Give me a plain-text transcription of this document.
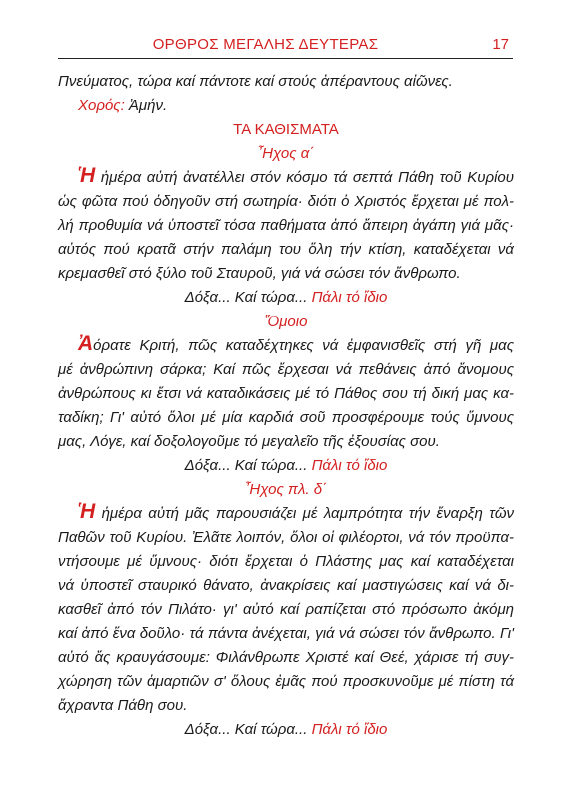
ΟΡΘΡΟΣ ΜΕΓΑΛΗΣ ΔΕΥΤΕΡΑΣ	17
Πνεύματος, τώρα καί πάντοτε καί στούς ἀπέραντους αἰῶνες.
Χορός: Ἀμήν.
ΤΑ ΚΑΘΙΣΜΑΤΑ
Ἦχος α΄
Ἡ ἡμέρα αὐτή ἀνατέλλει στόν κόσμο τά σεπτά Πάθη τοῦ Κυρίου
ὡς φῶτα πού ὁδηγοῦν στή σωτηρία· διότι ὁ Χριστός ἔρχεται μέ πολ-
λή προθυμία νά ὑποστεῖ τόσα παθήματα ἀπό ἄπειρη ἀγάπη γιά μᾶς·
αὐτός πού κρατᾶ στήν παλάμη του ὅλη τήν κτίση, καταδέχεται νά
κρεμασθεῖ στό ξύλο τοῦ Σταυροῦ, γιά νά σώσει τόν ἄνθρωπο.
Δόξα... Καί τώρα... Πάλι τό ἴδιο
Ὅμοιο
Ἀόρατε Κριτή, πῶς καταδέχτηκες νά ἐμφανισθεῖς στή γῆ μας
μέ ἀνθρώπινη σάρκα; Καί πῶς ἔρχεσαι νά πεθάνεις ἀπό ἄνομους
ἀνθρώπους κι ἔτσι νά καταδικάσεις μέ τό Πάθος σου τή δική μας κα-
ταδίκη; Γι' αὐτό ὅλοι μέ μία καρδιά σοῦ προσφέρουμε τούς ὕμνους
μας, Λόγε, καί δοξολογοῦμε τό μεγαλεῖο τῆς ἐξουσίας σου.
Δόξα... Καί τώρα... Πάλι τό ἴδιο
Ἦχος πλ. δ΄
Ἡ ἡμέρα αὐτή μᾶς παρουσιάζει μέ λαμπρότητα τήν ἔναρξη τῶν
Παθῶν τοῦ Κυρίου. Ἐλᾶτε λοιπόν, ὅλοι οἱ φιλέορτοι, νά τόν προϋπα-
ντήσουμε μέ ὕμνους· διότι ἔρχεται ὁ Πλάστης μας καί καταδέχεται
νά ὑποστεῖ σταυρικό θάνατο, ἀνακρίσεις καί μαστιγώσεις καί νά δι-
κασθεῖ ἀπό τόν Πιλάτο· γι' αὐτό καί ραπίζεται στό πρόσωπο ἀκόμη
καί ἀπό ἕνα δοῦλο· τά πάντα ἀνέχεται, γιά νά σώσει τόν ἄνθρωπο. Γι'
αὐτό ἄς κραυγάσουμε: Φιλάνθρωπε Χριστέ καί Θεέ, χάρισε τή συγ-
χώρηση τῶν ἁμαρτιῶν σ' ὅλους ἐμᾶς πού προσκυνοῦμε μέ πίστη τά
ἄχραντα Πάθη σου.
Δόξα... Καί τώρα... Πάλι τό ἴδιο
